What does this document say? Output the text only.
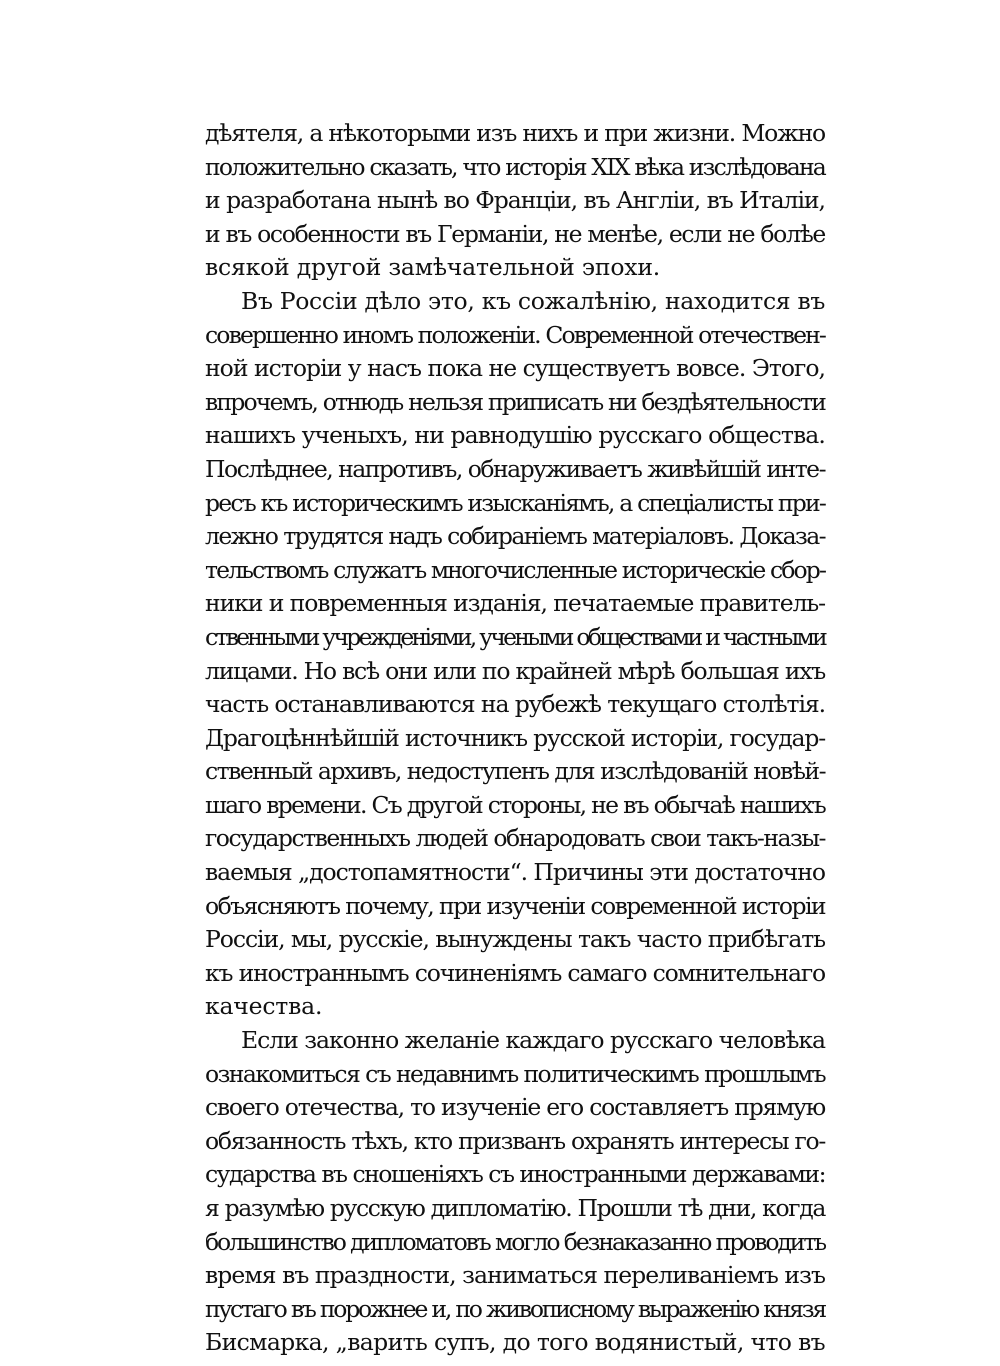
дѣятеля, а нѣкоторыми изъ нихъ и при жизни. Можно
положительно сказать, что исторія XIX вѣка изслѣдована
и разработана нынѣ во Франціи, въ Англіи, въ Италіи,
и въ особенности въ Германіи, не менѣе, если не болѣе
всякой другой замѣчательной эпохи.

Въ Россіи дѣло это, къ сожалѣнію, находится въ
совершенно иномъ положеніи. Современной отечествен-
ной исторіи у насъ пока не существуетъ вовсе. Этого,
впрочемъ, отнюдь нельзя приписать ни бездѣятельности
нашихъ ученыхъ, ни равнодушію русскаго общества.
Послѣднее, напротивъ, обнаруживаетъ живѣйшій инте-
ресъ къ историческимъ изысканіямъ, а спеціалисты при-
лежно трудятся надъ собираніемъ матеріаловъ. Доказа-
тельствомъ служатъ многочисленные историческіе сбор-
ники и повременныя изданія, печатаемые правитель-
ственными учрежденіями, учеными обществами и частными
лицами. Но всѣ они или по крайней мѣрѣ большая ихъ
часть останавливаются на рубежѣ текущаго столѣтія.
Драгоцѣннѣйшій источникъ русской исторіи, государ-
ственный архивъ, недоступенъ для изслѣдованій новѣй-
шаго времени. Съ другой стороны, не въ обычаѣ нашихъ
государственныхъ людей обнародовать свои такъ-назы-
ваемыя „достопамятности“. Причины эти достаточно
объясняютъ почему, при изученіи современной исторіи
Россіи, мы, русскіе, вынуждены такъ часто прибѣгать
къ иностраннымъ сочиненіямъ самаго сомнительнаго
качества.

Если законно желаніе каждаго русскаго человѣка
ознакомиться съ недавнимъ политическимъ прошлымъ
своего отечества, то изученіе его составляетъ прямую
обязанность тѣхъ, кто призванъ охранять интересы го-
сударства въ сношеніяхъ съ иностранными державами:
я разумѣю русскую дипломатію. Прошли тѣ дни, когда
большинство дипломатовъ могло безнаказанно проводить
время въ праздности, заниматься переливаніемъ изъ
пустаго въ порожнее и, по живописному выраженію князя
Бисмарка, „варить супъ, до того водянистый, что въ
